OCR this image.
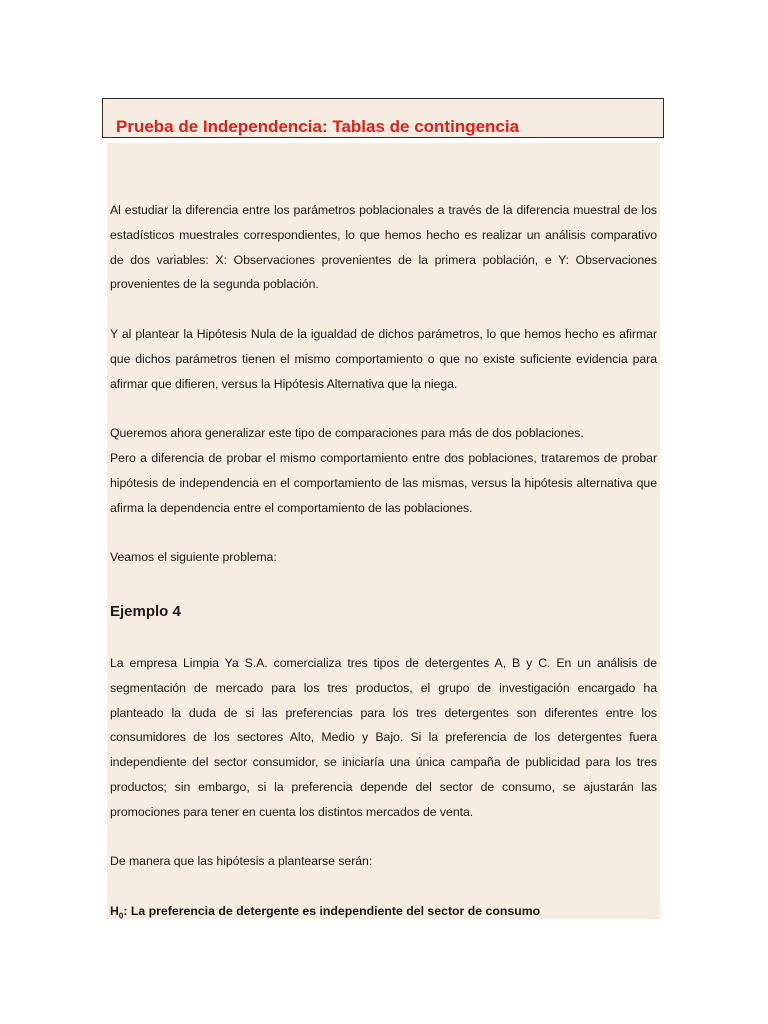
Prueba de Independencia: Tablas de contingencia

Al estudiar la diferencia entre los parámetros poblacionales a través de la diferencia muestral de los estadísticos muestrales correspondientes, lo que hemos hecho es realizar un análisis comparativo de dos variables: X: Observaciones provenientes de la primera población, e Y: Observaciones provenientes de la segunda población.

Y al plantear la Hipótesis Nula de la igualdad de dichos parámetros, lo que hemos hecho es afirmar que dichos parámetros tienen el mismo comportamiento o que no existe suficiente evidencia para afirmar que difieren, versus la Hipótesis Alternativa que la niega.

Queremos ahora generalizar este tipo de comparaciones para más de dos poblaciones.

Pero a diferencia de probar el mismo comportamiento entre dos poblaciones, trataremos de probar hipótesis de independencia en el comportamiento de las mismas, versus la hipótesis alternativa que afirma la dependencia entre el comportamiento de las poblaciones.

Veamos el siguiente problema:

Ejemplo 4

La empresa Limpia Ya S.A. comercializa tres tipos de detergentes A, B y C. En un análisis de segmentación de mercado para los tres productos, el grupo de investigación encargado ha planteado la duda de si las preferencias para los tres detergentes son diferentes entre los consumidores de los sectores Alto, Medio y Bajo. Si la preferencia de los detergentes fuera independiente del sector consumidor, se iniciaría una única campaña de publicidad para los tres productos; sin embargo, si la preferencia depende del sector de consumo, se ajustarán las promociones para tener en cuenta los distintos mercados de venta.

De manera que las hipótesis a plantearse serán:

$H_0$: La preferencia de detergente es independiente del sector de consumo
